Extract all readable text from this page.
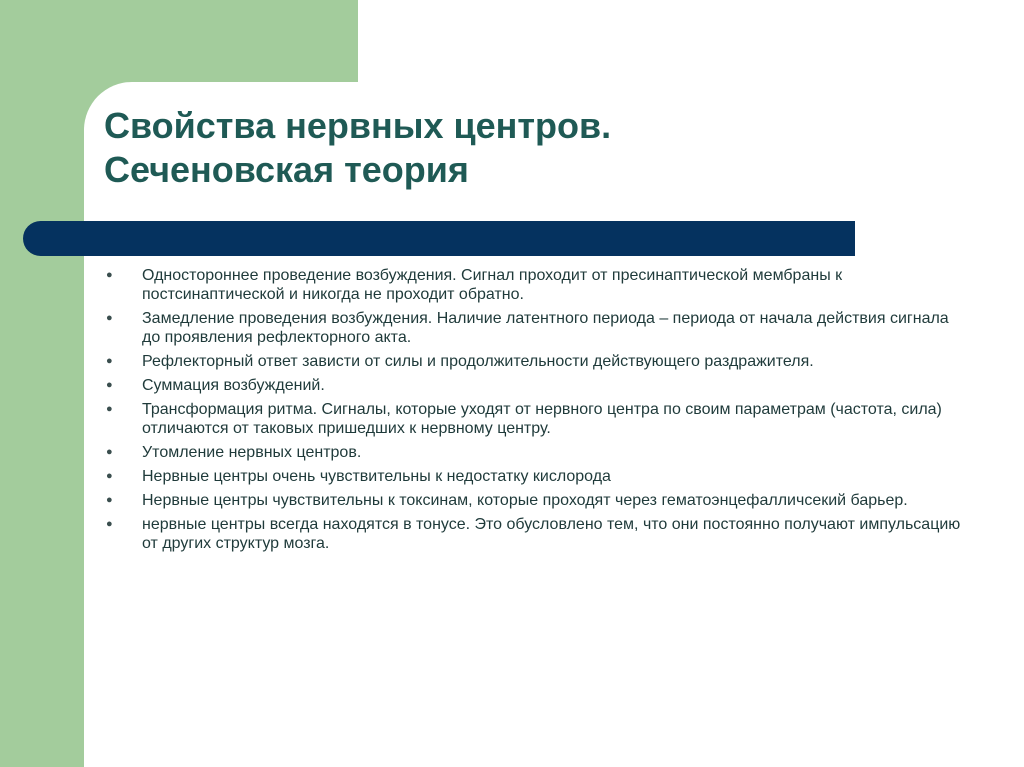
Свойства нервных центров.
Сеченовская теория
● Одностороннее проведение возбуждения. Сигнал проходит от пресинаптической мембраны к постсинаптической и никогда не проходит обратно.
● Замедление проведения возбуждения. Наличие латентного периода – периода от начала действия сигнала до проявления рефлекторного акта.
● Рефлекторный ответ зависти от силы и продолжительности действующего раздражителя.
● Суммация возбуждений.
● Трансформация ритма. Сигналы, которые уходят от нервного центра по своим параметрам (частота, сила) отличаются от таковых пришедших к нервному центру.
● Утомление нервных центров.
● Нервные центры очень чувствительны к недостатку кислорода
● Нервные центры чувствительны к токсинам, которые проходят через гематоэнцефалличсекий барьер.
● нервные центры всегда находятся в тонусе. Это обусловлено тем, что они постоянно получают импульсацию от других структур мозга.
